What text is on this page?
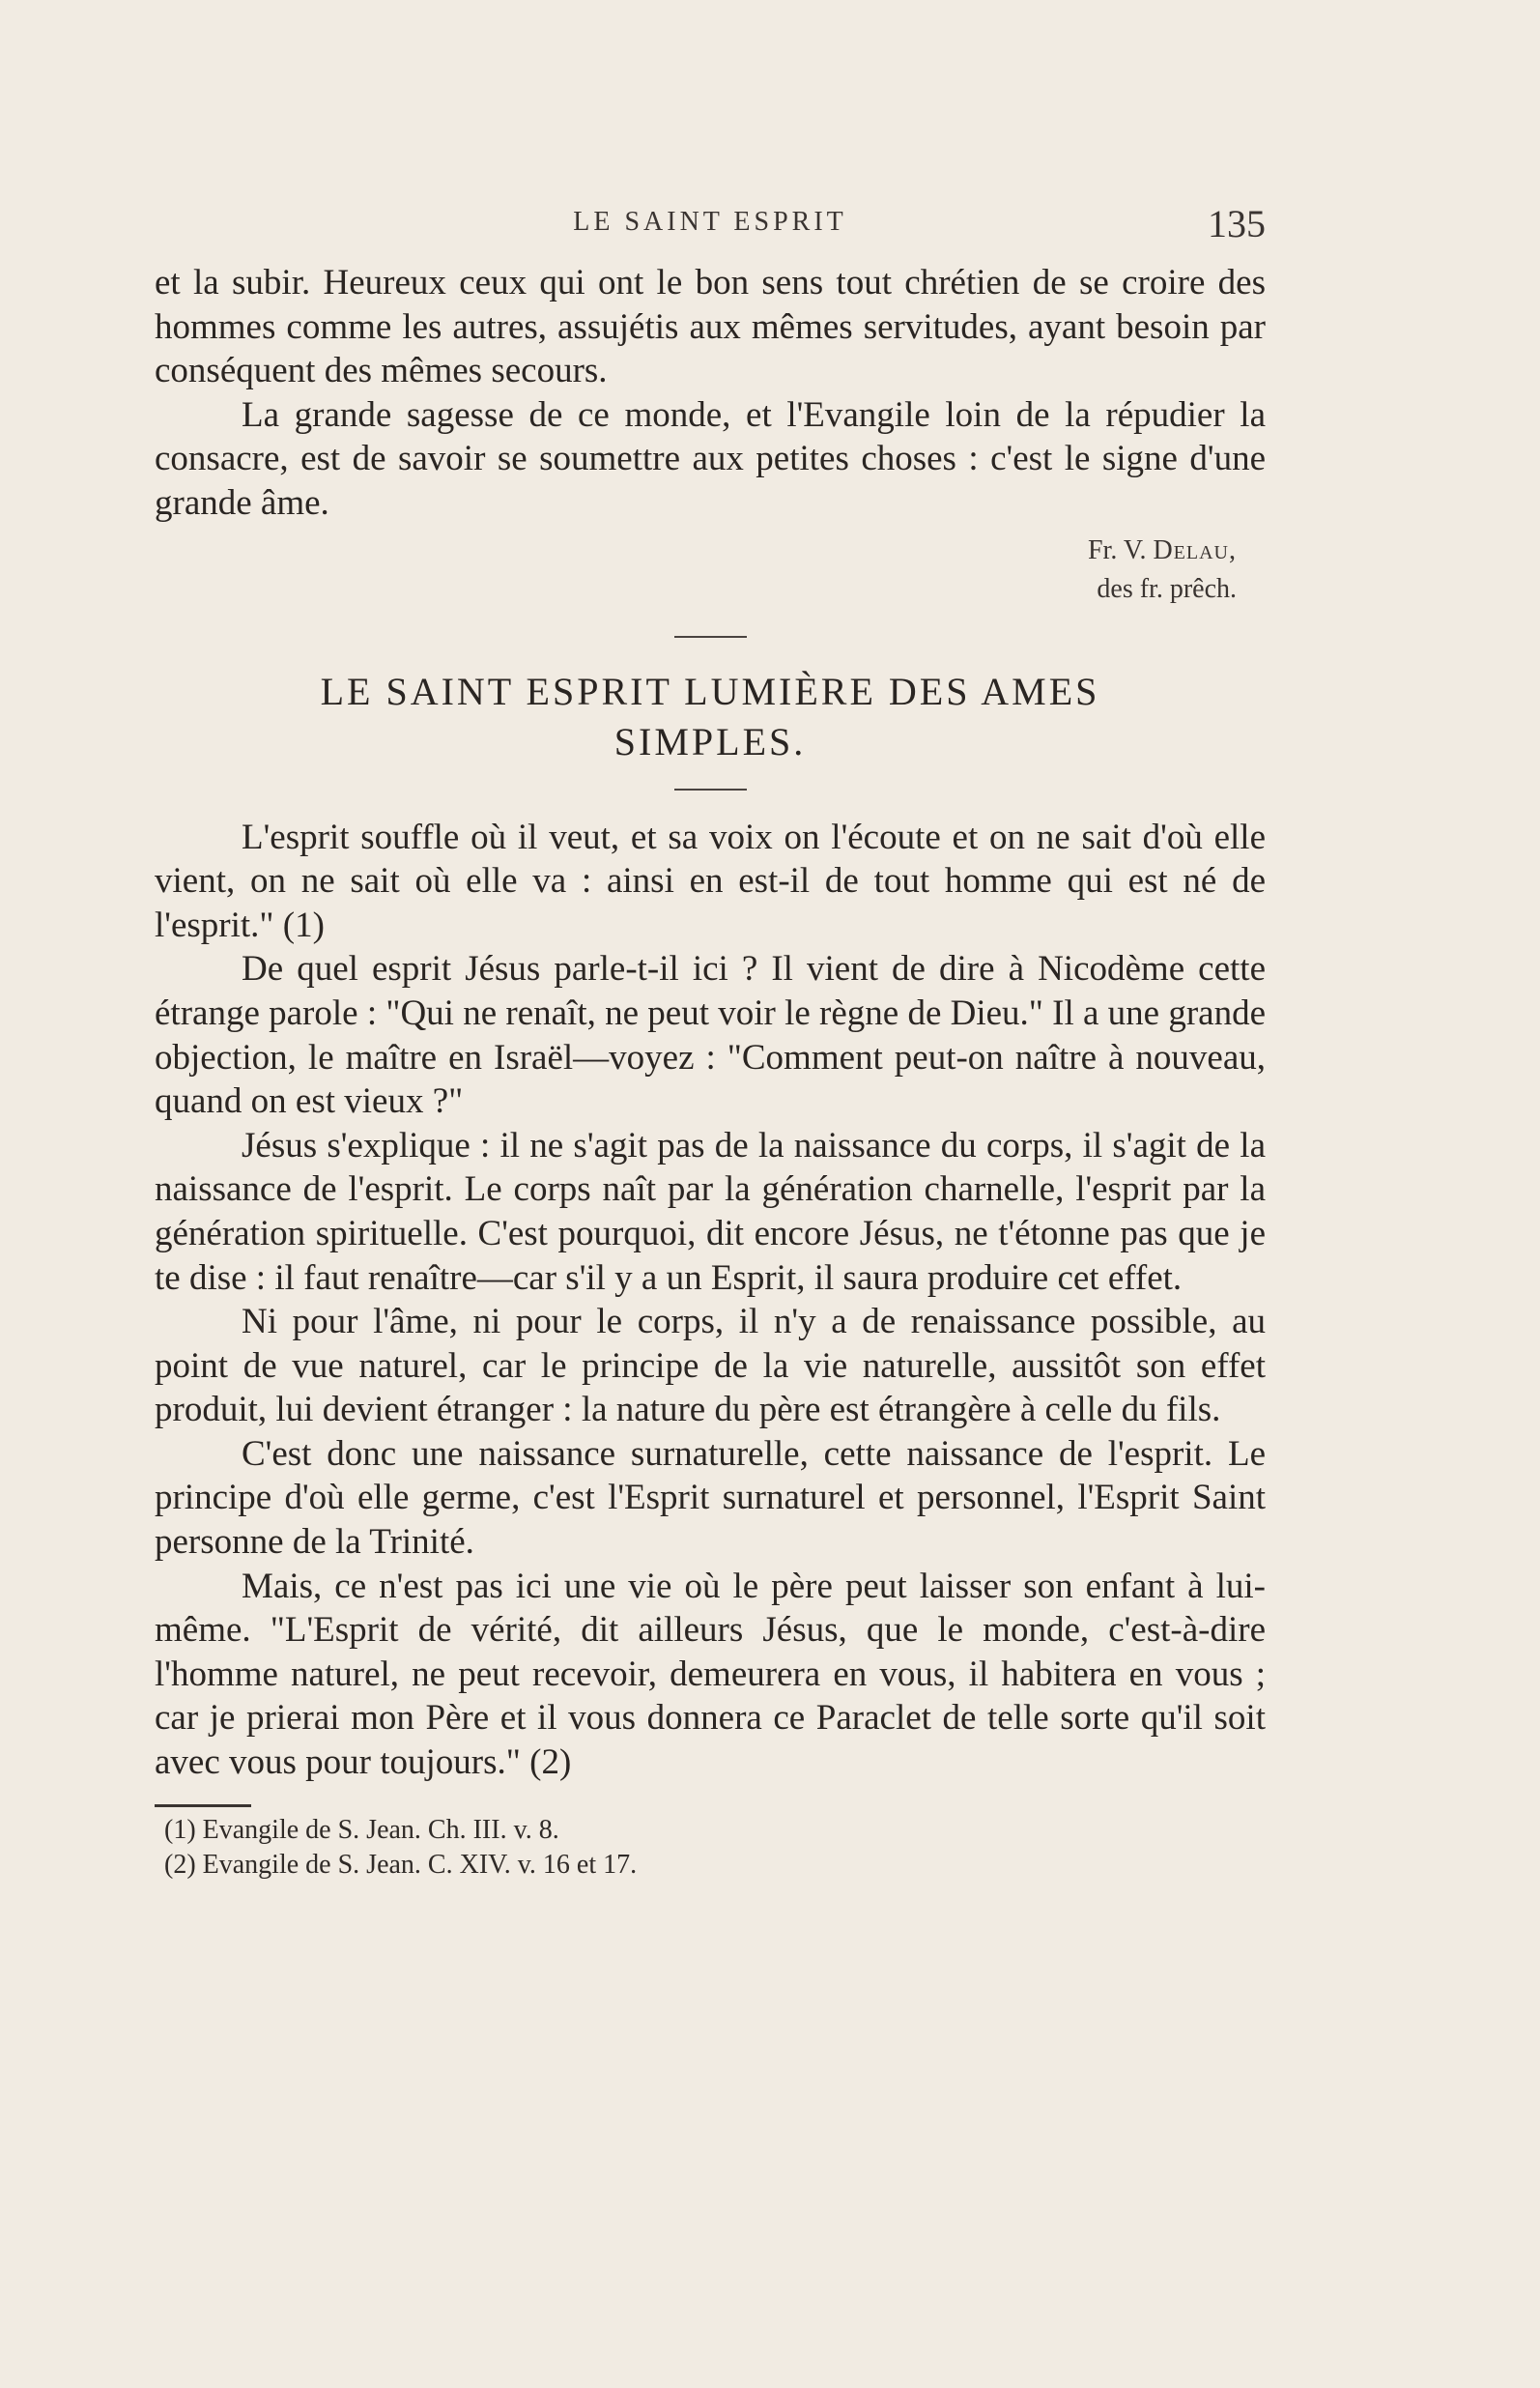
LE SAINT ESPRIT	135

et la subir. Heureux ceux qui ont le bon sens tout chrétien de se croire des hommes comme les autres, assujétis aux mêmes servitudes, ayant besoin par conséquent des mêmes secours.

La grande sagesse de ce monde, et l'Evangile loin de la répudier la consacre, est de savoir se soumettre aux petites choses : c'est le signe d'une grande âme.

Fr. V. Delau,
des fr. prêch.
LE SAINT ESPRIT LUMIÈRE DES AMES
SIMPLES.

L'esprit souffle où il veut, et sa voix on l'écoute et on ne sait d'où elle vient, on ne sait où elle va : ainsi en est-il de tout homme qui est né de l'esprit." (1)

De quel esprit Jésus parle-t-il ici ? Il vient de dire à Nicodème cette étrange parole : "Qui ne renaît, ne peut voir le règne de Dieu." Il a une grande objection, le maître en Israël—voyez : "Comment peut-on naître à nouveau, quand on est vieux ?"

Jésus s'explique : il ne s'agit pas de la naissance du corps, il s'agit de la naissance de l'esprit. Le corps naît par la génération charnelle, l'esprit par la génération spirituelle. C'est pourquoi, dit encore Jésus, ne t'étonne pas que je te dise : il faut renaître—car s'il y a un Esprit, il saura produire cet effet.

Ni pour l'âme, ni pour le corps, il n'y a de renaissance possible, au point de vue naturel, car le principe de la vie naturelle, aussitôt son effet produit, lui devient étranger : la nature du père est étrangère à celle du fils.

C'est donc une naissance surnaturelle, cette naissance de l'esprit. Le principe d'où elle germe, c'est l'Esprit surnaturel et personnel, l'Esprit Saint personne de la Trinité.

Mais, ce n'est pas ici une vie où le père peut laisser son enfant à lui-même. "L'Esprit de vérité, dit ailleurs Jésus, que le monde, c'est-à-dire l'homme naturel, ne peut recevoir, demeurera en vous, il habitera en vous ; car je prierai mon Père et il vous donnera ce Paraclet de telle sorte qu'il soit avec vous pour toujours." (2)

(1) Evangile de S. Jean. Ch. III. v. 8.
(2) Evangile de S. Jean. C. XIV. v. 16 et 17.
